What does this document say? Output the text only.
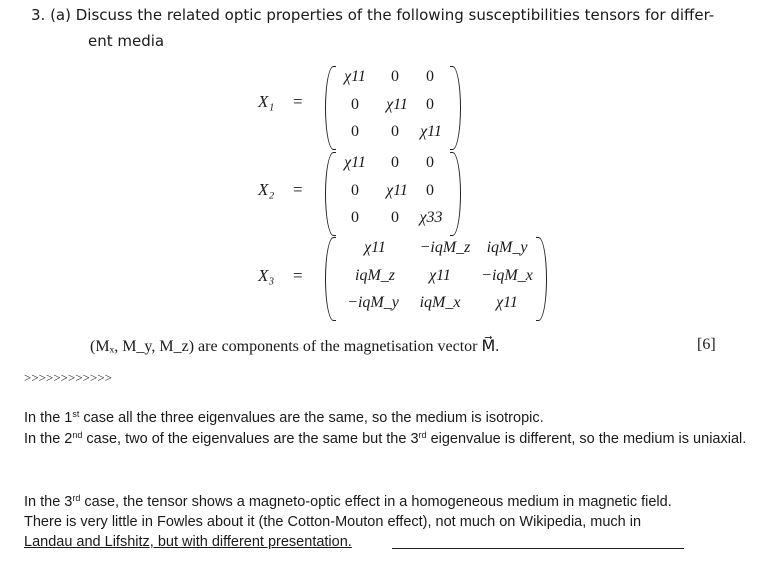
3. (a) Discuss the related optic properties of the following susceptibilities tensors for differ-
ent media
X₁ =
χ11 0 0
0 χ11 0
0 0 χ11
X₂ =
χ11 0 0
0 χ11 0
0 0 χ33
X₃ =
χ11 −iqM_z iqM_y
iqM_z χ11 −iqM_x
−iqM_y iqM_x χ11
(Mₓ, M_y, M_z) are components of the magnetisation vector M⃗.	[6]
>>>>>>>>>>>>
In the 1st case all the three eigenvalues are the same, so the medium is isotropic.
In the 2nd case, two of the eigenvalues are the same but the 3rd eigenvalue is different, so the medium is uniaxial.
In the 3rd case, the tensor shows a magneto-optic effect in a homogeneous medium in magnetic field.
There is very little in Fowles about it (the Cotton-Mouton effect), not much on Wikipedia, much in
Landau and Lifshitz, but with different presentation.
